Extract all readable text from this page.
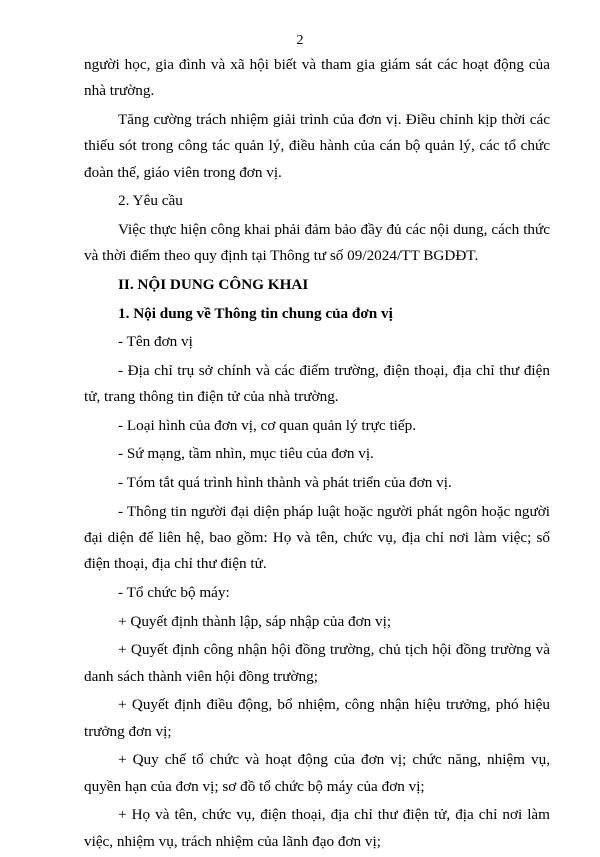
2

người học, gia đình và xã hội biết và tham gia giám sát các hoạt động của nhà trường.

Tăng cường trách nhiệm giải trình của đơn vị. Điều chỉnh kịp thời các thiếu sót trong công tác quản lý, điều hành của cán bộ quản lý, các tổ chức đoàn thể, giáo viên trong đơn vị.

2. Yêu cầu

Việc thực hiện công khai phải đảm bảo đầy đủ các nội dung, cách thức và thời điểm theo quy định tại Thông tư số 09/2024/TT BGDĐT.

II. NỘI DUNG CÔNG KHAI

1. Nội dung về Thông tin chung của đơn vị

- Tên đơn vị

- Địa chỉ trụ sở chính và các điểm trường, điện thoại, địa chỉ thư điện tử, trang thông tin điện tử của nhà trường.

- Loại hình của đơn vị, cơ quan quản lý trực tiếp.

- Sứ mạng, tầm nhìn, mục tiêu của đơn vị.

- Tóm tắt quá trình hình thành và phát triển của đơn vị.

- Thông tin người đại diện pháp luật hoặc người phát ngôn hoặc người đại diện để liên hệ, bao gồm: Họ và tên, chức vụ, địa chỉ nơi làm việc; số điện thoại, địa chỉ thư điện tử.

- Tổ chức bộ máy:

+ Quyết định thành lập, sáp nhập của đơn vị;

+ Quyết định công nhận hội đồng trường, chủ tịch hội đồng trường và danh sách thành viên hội đồng trường;

+ Quyết định điều động, bổ nhiệm, công nhận hiệu trưởng, phó hiệu trưởng đơn vị;

+ Quy chế tổ chức và hoạt động của đơn vị; chức năng, nhiệm vụ, quyền hạn của đơn vị; sơ đồ tổ chức bộ máy của đơn vị;

+ Họ và tên, chức vụ, điện thoại, địa chỉ thư điện tử, địa chỉ nơi làm việc, nhiệm vụ, trách nhiệm của lãnh đạo đơn vị;
